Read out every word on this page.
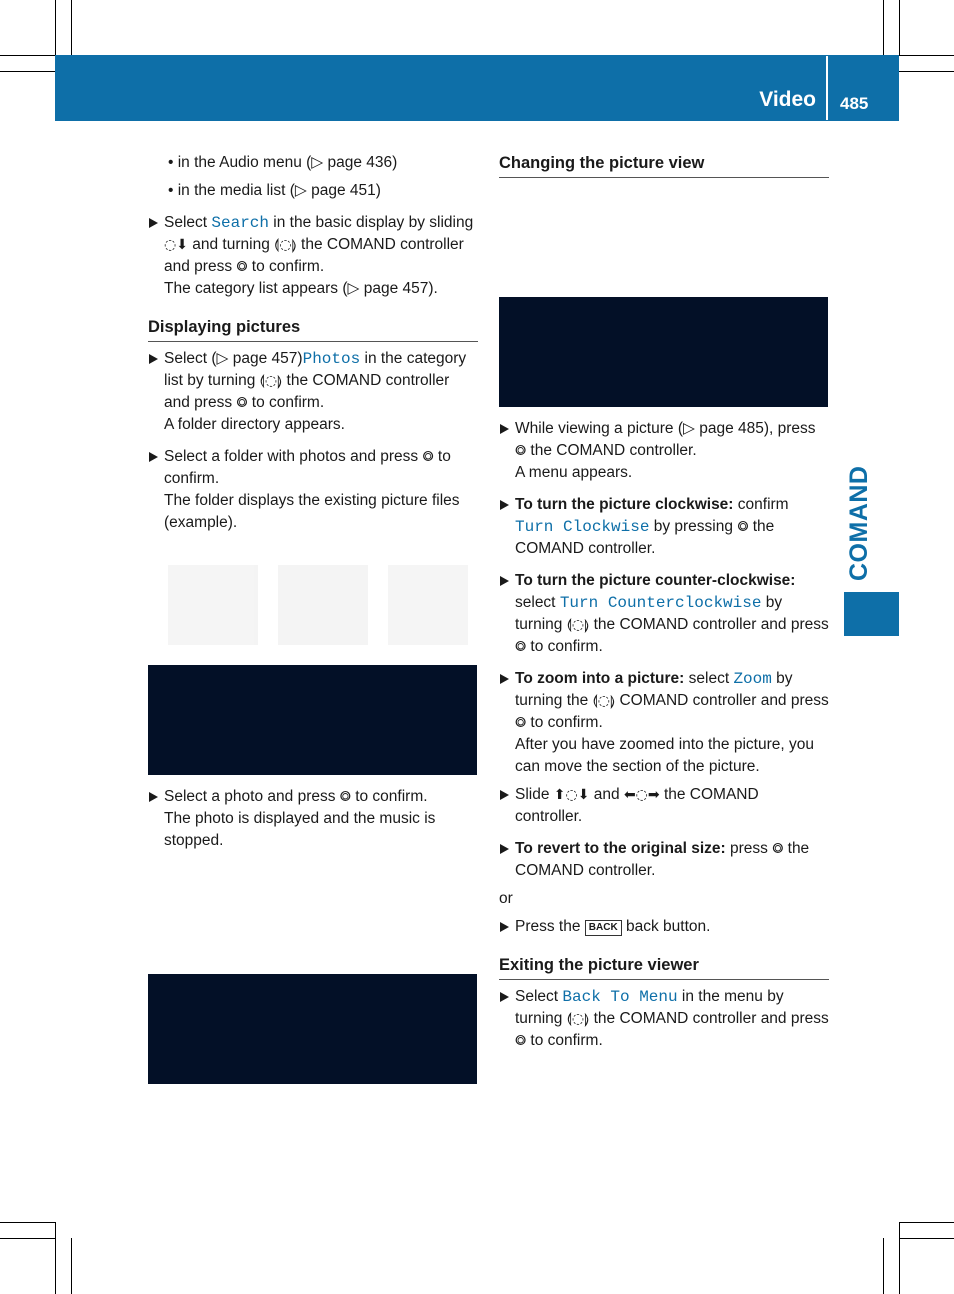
Video 485
COMAND

• in the Audio menu (▷ page 436)

• in the media list (▷ page 451)

Select Search in the basic display by sliding ◌⬇ and turning ⟬◌⟭ the COMAND controller and press ⭗ to confirm.

The category list appears (▷ page 457).

Displaying pictures
Select (▷ page 457)Photos in the category list by turning ⟬◌⟭ the COMAND controller and press ⭗ to confirm.

A folder directory appears.

Select a folder with photos and press ⭗ to confirm.

The folder displays the existing picture files (example).

Select a photo and press ⭗ to confirm.

The photo is displayed and the music is stopped.

Changing the picture view
While viewing a picture (▷ page 485), press ⭗ the COMAND controller.

A menu appears.

To turn the picture clockwise: confirm Turn Clockwise by pressing ⭗ the COMAND controller.
To turn the picture counter-clockwise: select Turn Counterclockwise by turning ⟬◌⟭ the COMAND controller and press ⭗ to confirm.
To zoom into a picture: select Zoom by turning the ⟬◌⟭ COMAND controller and press ⭗ to confirm.

After you have zoomed into the picture, you can move the section of the picture.

Slide ⬆◌⬇ and ⬅◌➡ the COMAND controller.
To revert to the original size: press ⭗ the COMAND controller.

or

Press the BACK back button.
Exiting the picture viewer
Select Back To Menu in the menu by turning ⟬◌⟭ the COMAND controller and press ⭗ to confirm.
